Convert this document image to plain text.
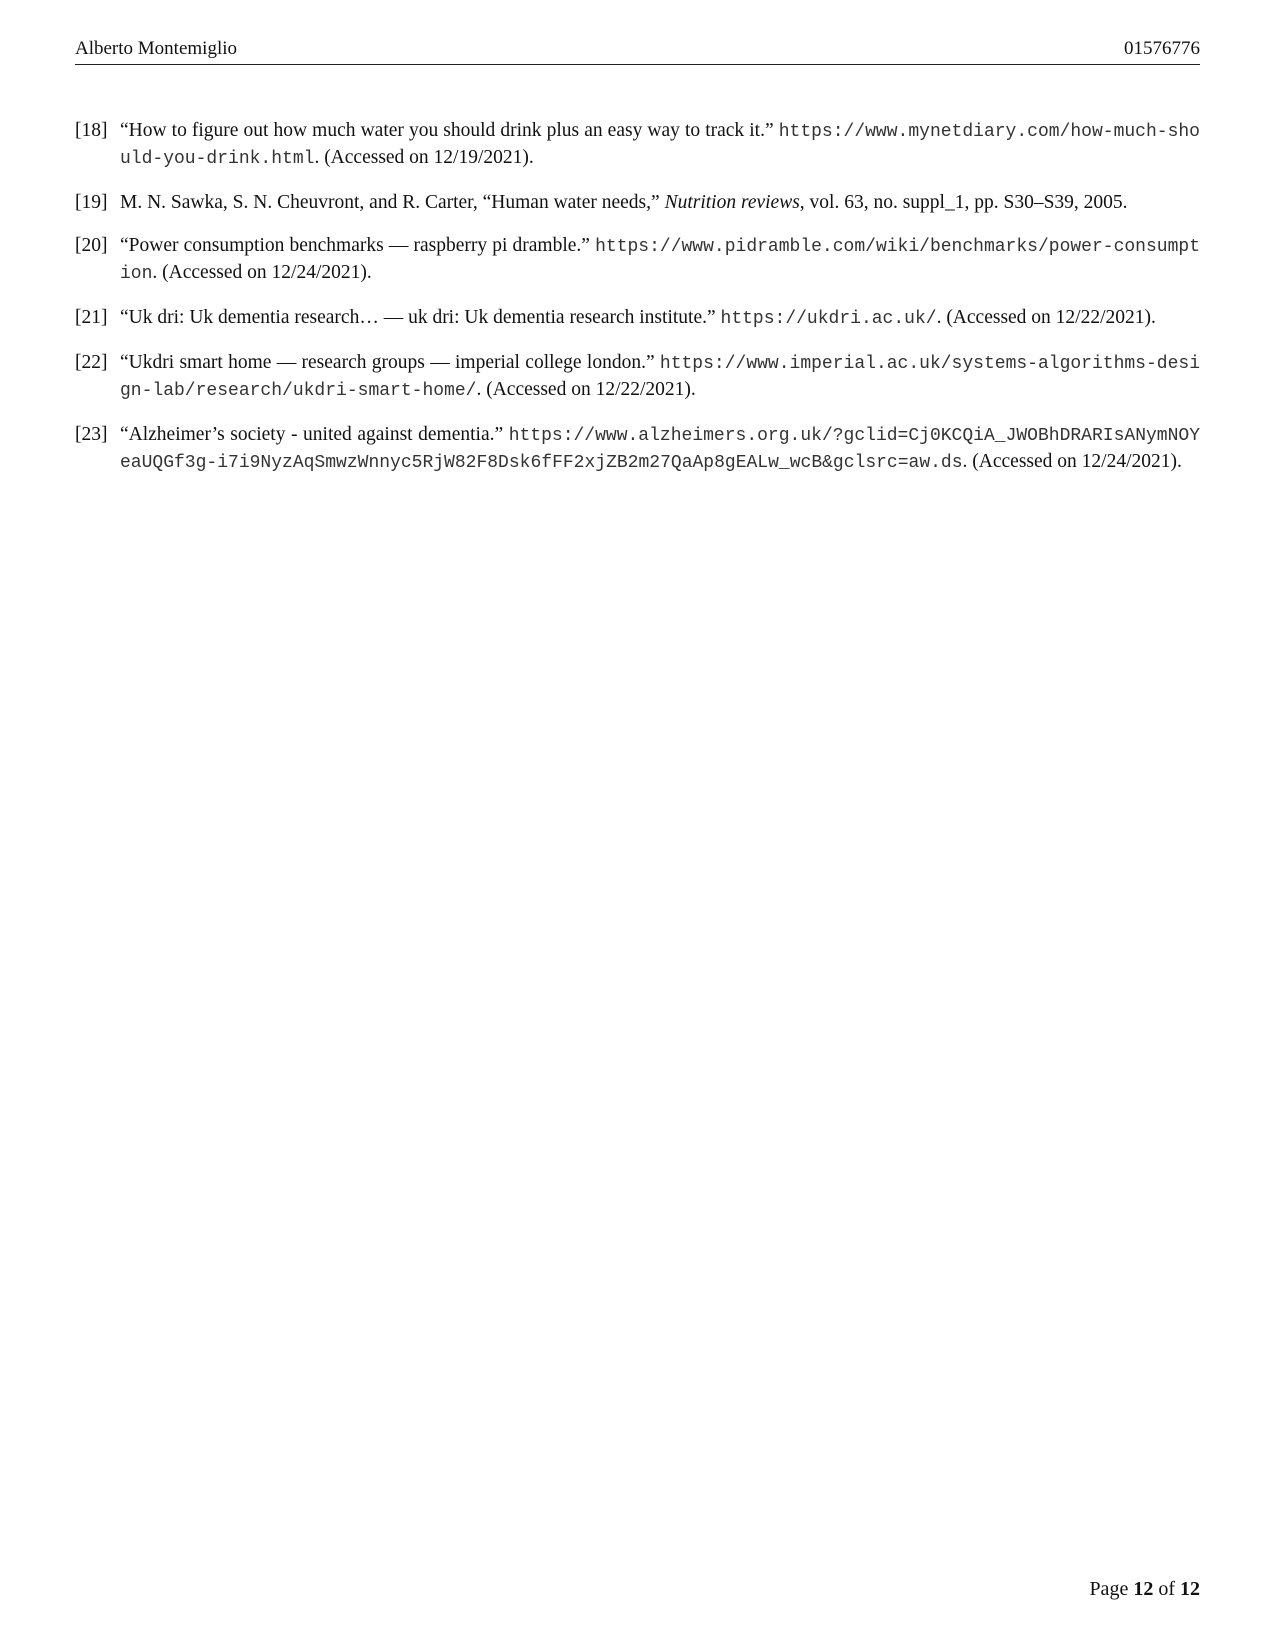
Alberto Montemiglio	01576776
[18] “How to figure out how much water you should drink plus an easy way to track it.” https://www.mynetdiary.com/how-much-should-you-drink.html. (Accessed on 12/19/2021).
[19] M. N. Sawka, S. N. Cheuvront, and R. Carter, “Human water needs,” Nutrition reviews, vol. 63, no. suppl_1, pp. S30–S39, 2005.
[20] “Power consumption benchmarks — raspberry pi dramble.” https://www.pidramble.com/wiki/benchmarks/power-consumption. (Accessed on 12/24/2021).
[21] “Uk dri: Uk dementia research… — uk dri: Uk dementia research institute.” https://ukdri.ac.uk/. (Accessed on 12/22/2021).
[22] “Ukdri smart home — research groups — imperial college london.” https://www.imperial.ac.uk/systems-algorithms-design-lab/research/ukdri-smart-home/. (Accessed on 12/22/2021).
[23] “Alzheimer’s society - united against dementia.” https://www.alzheimers.org.uk/?gclid=Cj0KCQiA_JWOBhDRARIsANymNOYeaUQGf3g-i7i9NyzAqSmwzWnnyc5RjW82F8Dsk6fFF2xjZB2m27QaAp8gEALw_wcB&gclsrc=aw.ds. (Accessed on 12/24/2021).
Page 12 of 12
